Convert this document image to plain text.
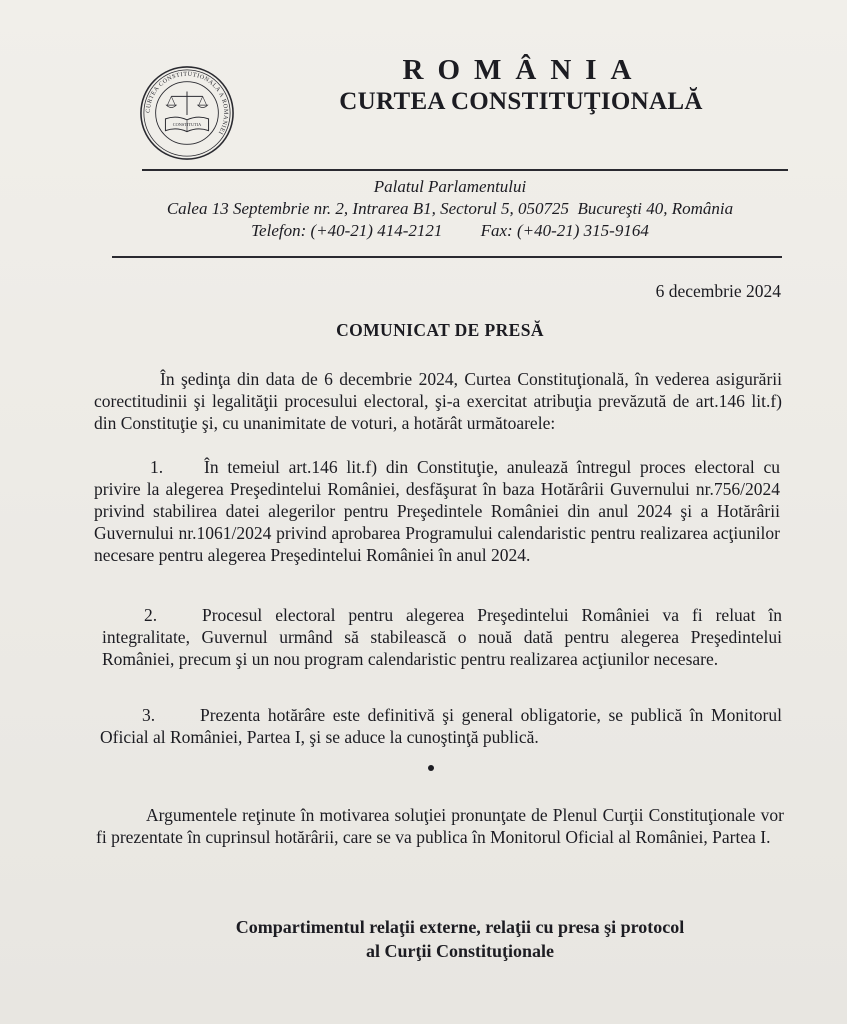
CURTEA CONSTITUTIONALA A ROMANIEI
CONSTITUTIA
ROMÂNIA
CURTEA CONSTITUŢIONALĂ
Palatul Parlamentului
Calea 13 Septembrie nr. 2, Intrarea B1, Sectorul 5, 050725  Bucureşti 40, România
Telefon: (+40-21) 414-2121         Fax: (+40-21) 315-9164
6 decembrie 2024
COMUNICAT DE PRESĂ

În şedinţa din data de 6 decembrie 2024, Curtea Constituţională, în vederea asigurării corectitudinii şi legalităţii procesului electoral, şi-a exercitat atribuţia prevăzută de art.146 lit.f) din Constituţie şi, cu unanimitate de voturi, a hotărât următoarele:

1. În temeiul art.146 lit.f) din Constituţie, anulează întregul proces electoral cu privire la alegerea Preşedintelui României, desfăşurat în baza Hotărârii Guvernului nr.756/2024 privind stabilirea datei alegerilor pentru Preşedintele României din anul 2024 şi a Hotărârii Guvernului nr.1061/2024 privind aprobarea Programului calendaristic pentru realizarea acţiunilor necesare pentru alegerea Preşedintelui României în anul 2024.

2.	Procesul electoral pentru alegerea Preşedintelui României va fi reluat în integralitate, Guvernul urmând să stabilească o nouă dată pentru alegerea Preşedintelui României, precum şi un nou program calendaristic pentru realizarea acţiunilor necesare.

3.	Prezenta hotărâre este definitivă şi general obligatorie, se publică în Monitorul Oficial al României, Partea I, şi se aduce la cunoştinţă publică.

Argumentele reţinute în motivarea soluţiei pronunţate de Plenul Curţii Constituţionale vor fi prezentate în cuprinsul hotărârii, care se va publica în Monitorul Oficial al României, Partea I.

Compartimentul relaţii externe, relaţii cu presa şi protocol
al Curţii Constituţionale
